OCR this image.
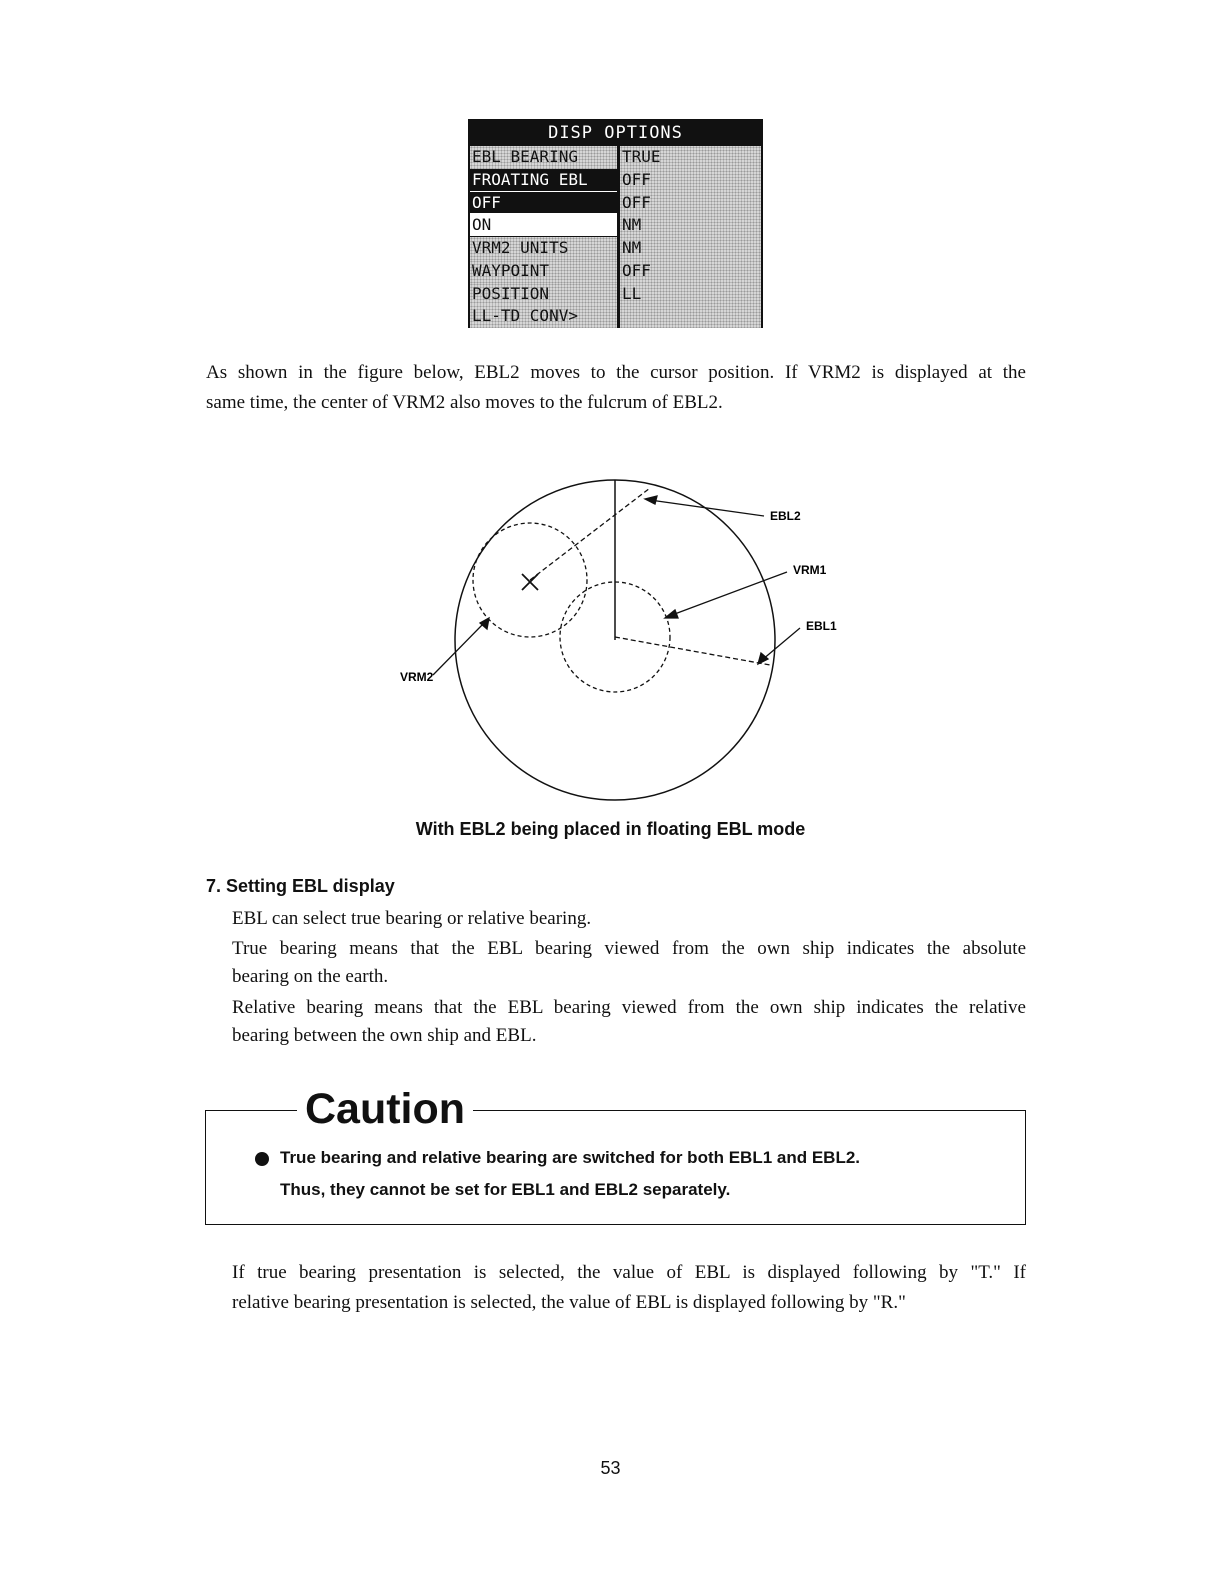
DISP OPTIONS
EBL BEARING
FROATING EBL
OFF
ON
VRM2 UNITS
WAYPOINT
POSITION
LL-TD CONV>
TRUE
OFF
OFF
NM
NM
OFF
LL
As shown in the figure below, EBL2 moves to the cursor position. If VRM2 is displayed at the
same time, the center of VRM2 also moves to the fulcrum of EBL2.
EBL2
VRM1
EBL1
VRM2
With EBL2 being placed in floating EBL mode
7. Setting EBL display
EBL can select true bearing or relative bearing.
True bearing means that the EBL bearing viewed from the own ship indicates the absolute
bearing on the earth.
Relative bearing means that the EBL bearing viewed from the own ship indicates the relative
bearing between the own ship and EBL.
Caution
True bearing and relative bearing are switched for both EBL1 and EBL2.
Thus, they cannot be set for EBL1 and EBL2 separately.
If true bearing presentation is selected, the value of EBL is displayed following by "T." If
relative bearing presentation is selected, the value of EBL is displayed following by "R."
53
